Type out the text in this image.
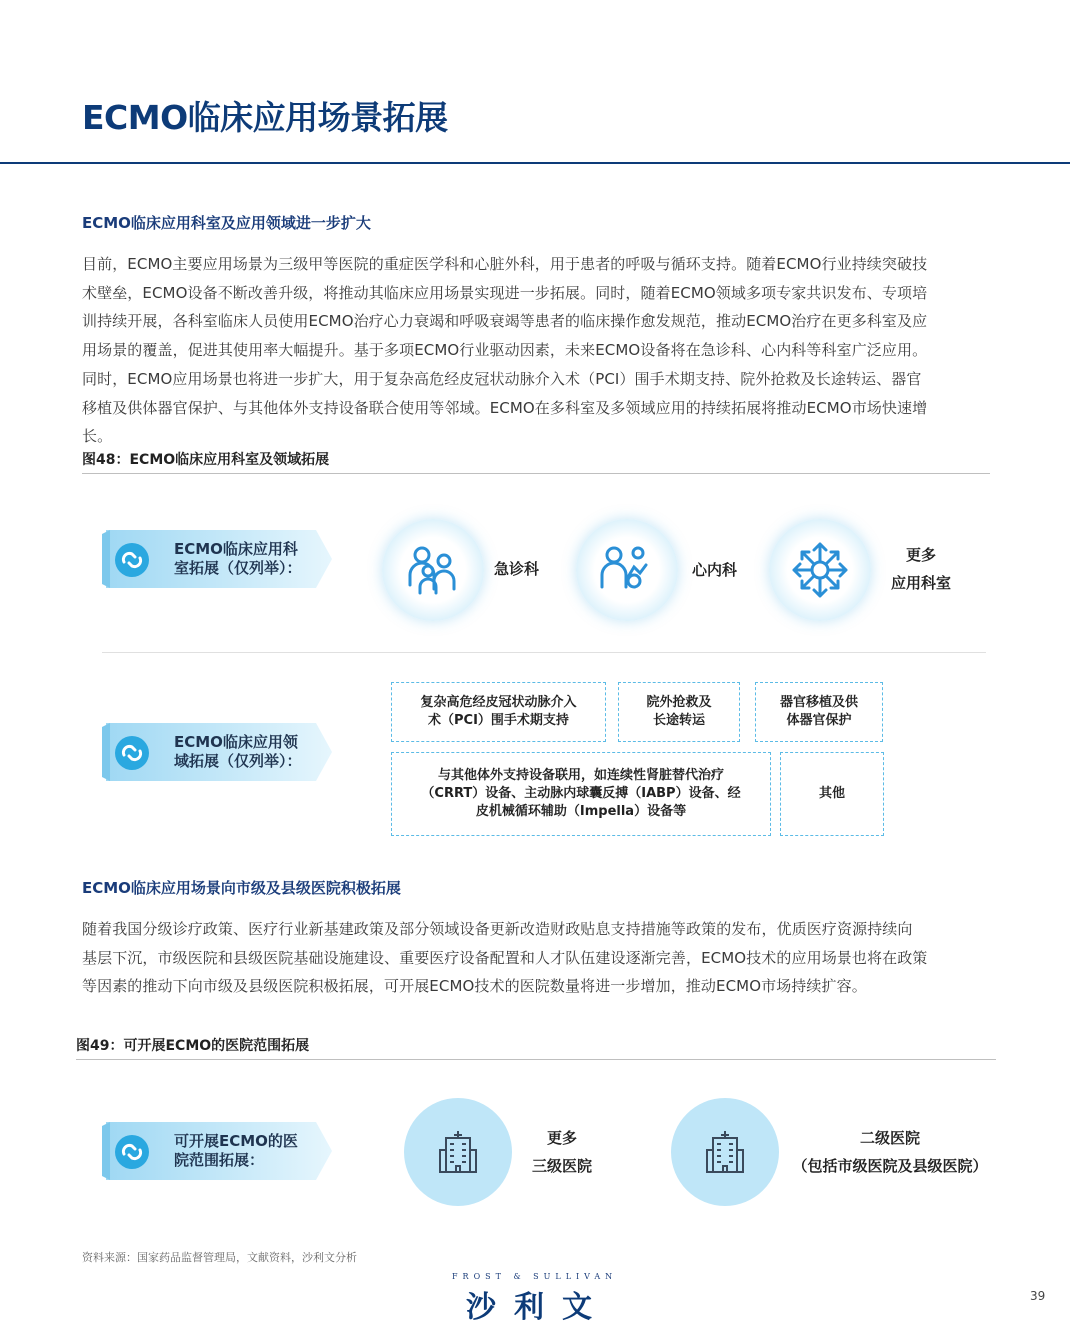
ECMO临床应用场景拓展
ECMO临床应用科室及应用领域进一步扩大
目前，ECMO主要应用场景为三级甲等医院的重症医学科和心脏外科，用于患者的呼吸与循环支持。随着ECMO行业持续突破技
术壁垒，ECMO设备不断改善升级，将推动其临床应用场景实现进一步拓展。同时，随着ECMO领域多项专家共识发布、专项培
训持续开展，各科室临床人员使用ECMO治疗心力衰竭和呼吸衰竭等患者的临床操作愈发规范，推动ECMO治疗在更多科室及应
用场景的覆盖，促进其使用率大幅提升。基于多项ECMO行业驱动因素，未来ECMO设备将在急诊科、心内科等科室广泛应用。
同时，ECMO应用场景也将进一步扩大，用于复杂高危经皮冠状动脉介入术（PCI）围手术期支持、院外抢救及长途转运、器官
移植及供体器官保护、与其他体外支持设备联合使用等邻域。ECMO在多科室及多领域应用的持续拓展将推动ECMO市场快速增
长。
图48：ECMO临床应用科室及领域拓展
ECMO临床应用科
室拓展（仅列举）：	急诊科	心内科
更多
应用科室
ECMO临床应用领
域拓展（仅列举）：
复杂高危经皮冠状动脉介入
术（PCI）围手术期支持
院外抢救及
长途转运
器官移植及供
体器官保护
与其他体外支持设备联用，如连续性肾脏替代治疗
（CRRT）设备、主动脉内球囊反搏（IABP）设备、经
皮机械循环辅助（Impella）设备等
其他
ECMO临床应用场景向市级及县级医院积极拓展
随着我国分级诊疗政策、医疗行业新基建政策及部分领域设备更新改造财政贴息支持措施等政策的发布，优质医疗资源持续向
基层下沉，市级医院和县级医院基础设施建设、重要医疗设备配置和人才队伍建设逐渐完善，ECMO技术的应用场景也将在政策
等因素的推动下向市级及县级医院积极拓展，可开展ECMO技术的医院数量将进一步增加，推动ECMO市场持续扩容。
图49：可开展ECMO的医院范围拓展
可开展ECMO的医
院范围拓展：
更多
三级医院
二级医院
（包括市级医院及县级医院）
资料来源：国家药品监督管理局，文献资料，沙利文分析
FROST & SULLIVAN
沙利文	39
